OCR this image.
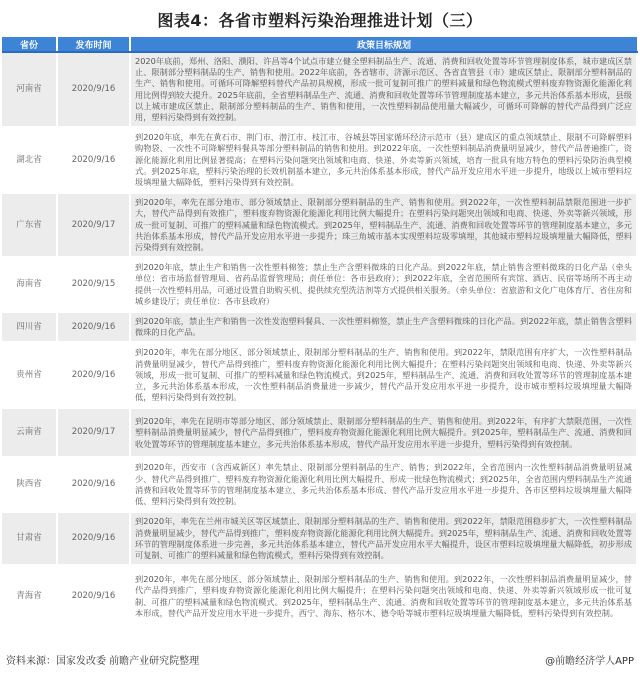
图表4：各省市塑料污染治理推进计划（三）
省份	发布时间	政策目标规划
河南省	2020/9/16	2020年底前，郑州、洛阳、濮阳、许昌等4个试点市建立健全塑料制品生产、流通、消费和回收处置等环节管理制度体系，城市建成区禁止、限制部分塑料制品的生产、销售和使用。2022年底前，各省辖市、济源示范区、各省直管县（市）建成区禁止、限制部分塑料制品的生产、销售和使用。可循环可降解塑料替代产品初具规模，形成一批可复制可推广的塑料减量和绿色物流模式塑料废弃物资源化能源化利用比例得到较大提升。2025年底前，全省塑料制品生产、流通、消费和回收处置等环节管理制度基本建立，多元共治体系基本形成，县级以上城市建成区禁止、限制部分塑料制品的生产、销售和使用，一次性塑料制品使用量大幅减少，可循环可降解的替代产品得到广泛应用，塑料污染得到有效控制。
湖北省	2020/9/16	到2020年底，率先在黄石市、荆门市、潜江市、枝江市、谷城县等国家循环经济示范市（县）建成区的重点领域禁止、限制不可降解塑料购物袋、一次性不可降解塑料餐具等部分塑料制品的销售和使用。到2022年底，一次性塑料制品消费量明显减少，替代产品普遍推广，资源化能源化利用比例显著提高；在塑料污染问题突出领域和电商、快递、外卖等新兴领域，培育一批具有地方特色的塑料污染防治典型模式。到2025年底，塑料污染治理的长效机制基本建立，多元共治体系基本形成，替代产品开发应用水平进一步提升，地级以上城市塑料垃圾填埋量大幅降低，塑料污染得到有效控制。
广东省	2020/9/17	到2020年，率先在部分地市、部分领域禁止、限制部分塑料制品的生产、销售和使用。到2022年，一次性塑料制品禁限范围进一步扩大，替代产品得到有效推广，塑料废弃物资源化能源化利用比例大幅提升；在塑料污染问题突出领域和电商、快递、外卖等新兴领域，形成一批可复制、可推广的塑料减量和绿色物流模式。到2025年，塑料制品生产、流通、消费和回收处置等环节的管理制度基本建立，多元共治体系基本形成，替代产品开发应用水平进一步提升；珠三角城市基本实现塑料垃圾零填埋，其他城市塑料垃圾填埋量大幅降低，塑料污染得到有效控制。
海南省	2020/9/15	到2020年底，禁止生产和销售一次性塑料棉签；禁止生产含塑料微珠的日化产品。到2022年底，禁止销售含塑料微珠的日化产品（牵头单位：省市场监督管理局、省药品监督管理局；责任单位：各市县政府）；到2022年底，全省范围所有宾馆、酒店、民宿等场所不再主动提供一次性塑料用品，可通过设置自助购买机、提供续充型洗洁剂等方式提供相关服务。（牵头单位：省旅游和文化广电体育厅、省住房和城乡建设厅；责任单位：各市县政府）
四川省	2020/9/16	到2020年底，禁止生产和销售一次性发泡塑料餐具、一次性塑料棉签，禁止生产含塑料微珠的日化产品。到2022年底，禁止销售含塑料微珠的日化产品。
贵州省	2020/9/16	到2020年，率先在部分地区、部分领域禁止、限制部分塑料制品的生产、销售和使用。到2022年，禁限范围有序扩大，一次性塑料制品消费量明显减少，替代产品得到推广，塑料废弃物资源化能源化利用比例大幅提升；在塑料污染问题突出领域和电商、快递、外卖等新兴领域，形成一批可复制、可推广的塑料减量和绿色物流模式。到2025年，塑料制品生产、流通、消费和回收处置等环节的管理制度基本建立，多元共治体系基本形成，一次性塑料制品消费量进一步减少，替代产品开发应用水平进一步提升，设市城市塑料垃圾填埋量大幅降低，塑料污染得到有效控制。
云南省	2020/9/17	到2020年，率先在昆明市等部分地区、部分领域禁止、限制部分塑料制品的生产、销售和使用。到2022年，有序扩大禁限范围，一次性塑料制品消费量明显减少，替代产品得到推广，塑料废弃物资源化能源化利用比例大幅提升。到2025年，塑料制品生产、流通、消费和回收处置等环节的管理制度基本建立，多元共治体系基本形成，替代产品开发应用水平进一步提升，塑料污染得到有效控制。
陕西省	2020/9/16	到2020年，西安市（含西咸新区）率先禁止、限制部分塑料制品的生产、销售；到2022年，全省范围内一次性塑料制品消费量明显减少、替代产品得到推广、塑料废弃物资源化能源化利用比例大幅提升、形成一批绿色物流模式；到2025年，全省范围内塑料制品生产流通消费和回收处置等环节的管理制度基本建立、多元共治体系基本形成、替代产品开发应用水平进一步提升、各市区塑料垃圾填埋量大幅降低、塑料污染得到有效控制。
甘肃省	2020/9/16	到2020年，率先在兰州市城关区等区域禁止、限制部分塑料制品的生产、销售和使用。到2022年，禁限范围稳步扩大，一次性塑料制品消费量明显减少，替代产品得到推广，塑料废弃物资源化能源化利用比例大幅提升。到2025年，塑料制品生产、流通、消费和回收处置等环节的管理制度体系进一步完善，多元共治体系基本建立，替代产品开发应用水平大幅提升，设区市塑料垃圾填埋量大幅降低，初步形成可复制、可推广的塑料减量和绿色物流模式，塑料污染得到有效控制。
青海省	2020/9/16	到2020年，率先在部分地区、部分领域禁止、限制部分塑料制品的生产、销售和使用。到2022年，一次性塑料制品消费量明显减少，替代产品得到推广，塑料废弃物资源化能源化利用比例大幅提升；在塑料污染问题突出领域和电商、快递、外卖等新兴领域形成一批可复制、可推广的塑料减量和绿色物流模式。到2025年，塑料制品生产、流通、消费和回收处置等环节的管理制度基本建立，多元共治体系基本形成，替代产品开发应用水平进一步提升，西宁、海东、格尔木、德令哈等城市塑料垃圾填埋量大幅降低，塑料污染得到有效控制。
资料来源：国家发改委 前瞻产业研究院整理	@前瞻经济学人APP
